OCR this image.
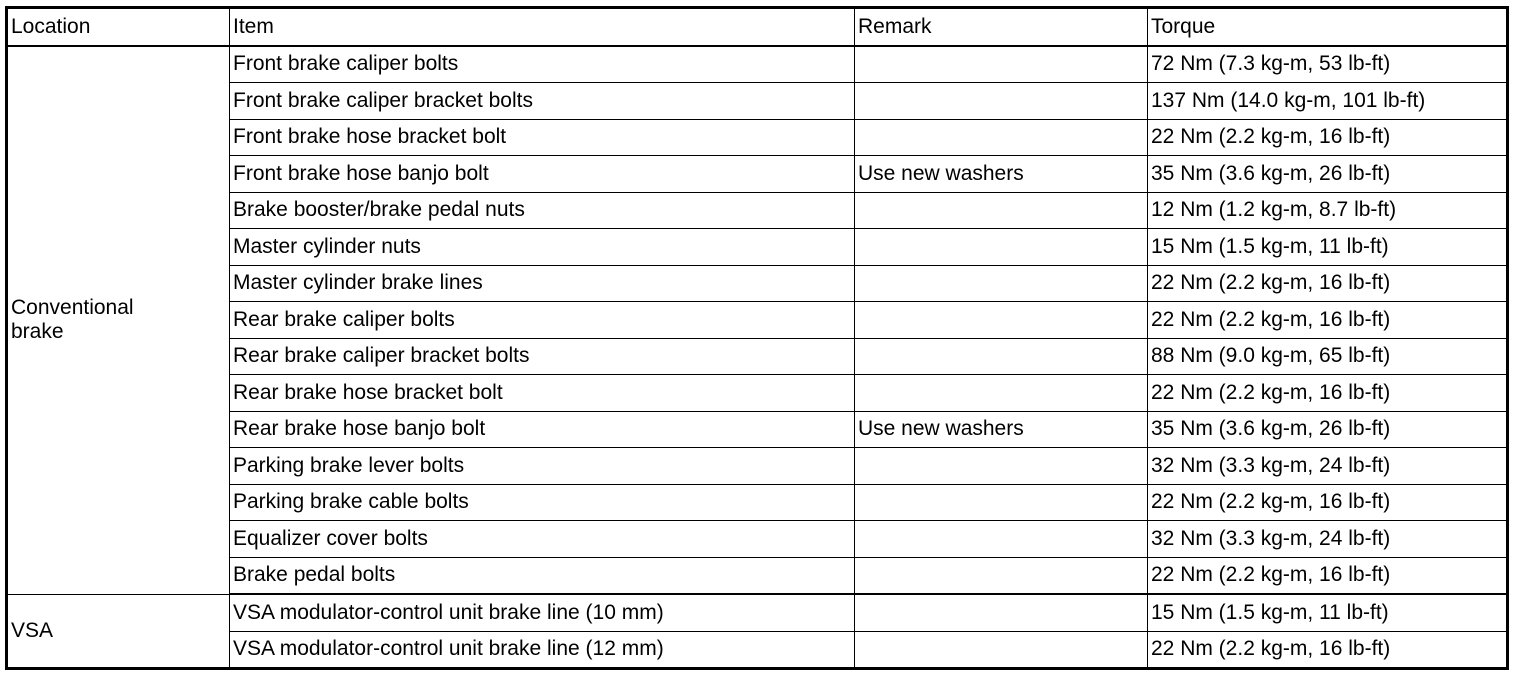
Location	Item	Remark	Torque

Conventional
brake	Front brake caliper bolts		72 Nm (7.3 kg-m, 53 lb-ft)
	Front brake caliper bracket bolts		137 Nm (14.0 kg-m, 101 lb-ft)
	Front brake hose bracket bolt		22 Nm (2.2 kg-m, 16 lb-ft)
	Front brake hose banjo bolt	Use new washers	35 Nm (3.6 kg-m, 26 lb-ft)
	Brake booster/brake pedal nuts		12 Nm (1.2 kg-m, 8.7 lb-ft)
	Master cylinder nuts		15 Nm (1.5 kg-m, 11 lb-ft)
	Master cylinder brake lines		22 Nm (2.2 kg-m, 16 lb-ft)
	Rear brake caliper bolts		22 Nm (2.2 kg-m, 16 lb-ft)
	Rear brake caliper bracket bolts		88 Nm (9.0 kg-m, 65 lb-ft)
	Rear brake hose bracket bolt		22 Nm (2.2 kg-m, 16 lb-ft)
	Rear brake hose banjo bolt	Use new washers	35 Nm (3.6 kg-m, 26 lb-ft)
	Parking brake lever bolts		32 Nm (3.3 kg-m, 24 lb-ft)
	Parking brake cable bolts		22 Nm (2.2 kg-m, 16 lb-ft)
	Equalizer cover bolts		32 Nm (3.3 kg-m, 24 lb-ft)
	Brake pedal bolts		22 Nm (2.2 kg-m, 16 lb-ft)

VSA	VSA modulator-control unit brake line (10 mm)		15 Nm (1.5 kg-m, 11 lb-ft)
	VSA modulator-control unit brake line (12 mm)		22 Nm (2.2 kg-m, 16 lb-ft)
